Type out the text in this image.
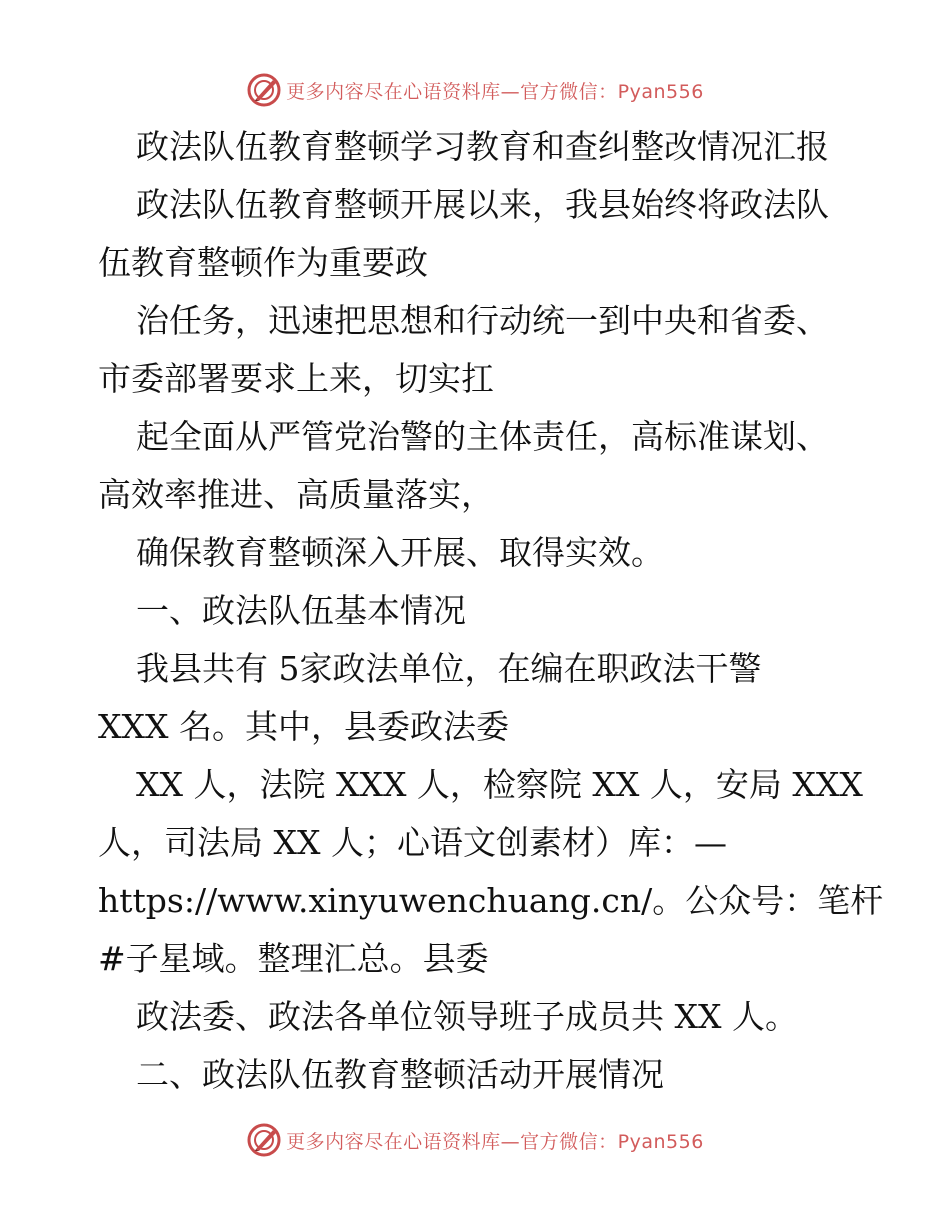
更多内容尽在心语资料库—官方微信：Pyan556
政法队伍教育整顿学习教育和查纠整改情况汇报
政法队伍教育整顿开展以来，我县始终将政法队
伍教育整顿作为重要政
治任务，迅速把思想和行动统一到中央和省委、
市委部署要求上来，切实扛
起全面从严管党治警的主体责任，高标准谋划、
高效率推进、高质量落实，
确保教育整顿深入开展、取得实效。
一、政法队伍基本情况
我县共有 5家政法单位，在编在职政法干警
XXX 名。其中，县委政法委
XX 人，法院 XXX 人，检察院 XX 人，安局 XXX
人，司法局 XX 人；心语文创素材）库：—
https://www.xinyuwenchuang.cn/。公众号：笔杆
#子星域。整理汇总。县委
政法委、政法各单位领导班子成员共 XX 人。
二、政法队伍教育整顿活动开展情况
更多内容尽在心语资料库—官方微信：Pyan556
